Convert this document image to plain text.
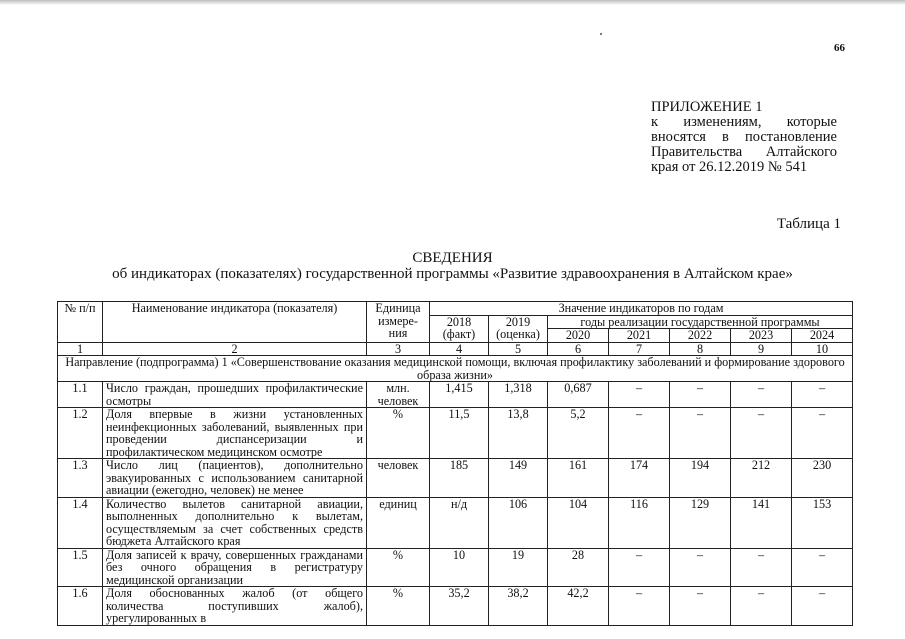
66
ПРИЛОЖЕНИЕ 1
к изменениям, которые
вносятся в постановление
Правительства Алтайского
края от 26.12.2019 № 541
Таблица 1
СВЕДЕНИЯ
об индикаторах (показателях) государственной программы «Развитие здравоохранения в Алтайском крае»
№ п/п	Наименование индикатора (показателя)	Единица измере-ния	Значение индикаторов по годам						
			2018 (факт)	2019 (оценка)	годы реализации государственной программы				
					2020	2021	2022	2023	2024
1	2	3	4	5	6	7	8	9	10
Направление (подпрограмма) 1 «Совершенствование оказания медицинской помощи, включая профилактику заболеваний и формирование здорового образа жизни»									
1.1	Число граждан, прошедших профилактические осмотры	млн. человек	1,415	1,318	0,687	–	–	–	–
1.2	Доля впервые в жизни установленных неинфекционных заболеваний, выявленных при проведении диспансеризации и профилактическом медицинском осмотре	%	11,5	13,8	5,2	–	–	–	–
1.3	Число лиц (пациентов), дополнительно эвакуированных с использованием санитарной авиации (ежегодно, человек) не менее	человек	185	149	161	174	194	212	230
1.4	Количество вылетов санитарной авиации, выполненных дополнительно к вылетам, осуществляемым за счет собственных средств бюджета Алтайского края	единиц	н/д	106	104	116	129	141	153
1.5	Доля записей к врачу, совершенных гражданами без очного обращения в регистратуру медицинской организации	%	10	19	28	–	–	–	–
1.6	Доля обоснованных жалоб (от общего количества поступивших жалоб), урегулированных в	%	35,2	38,2	42,2	–	–	–	–
